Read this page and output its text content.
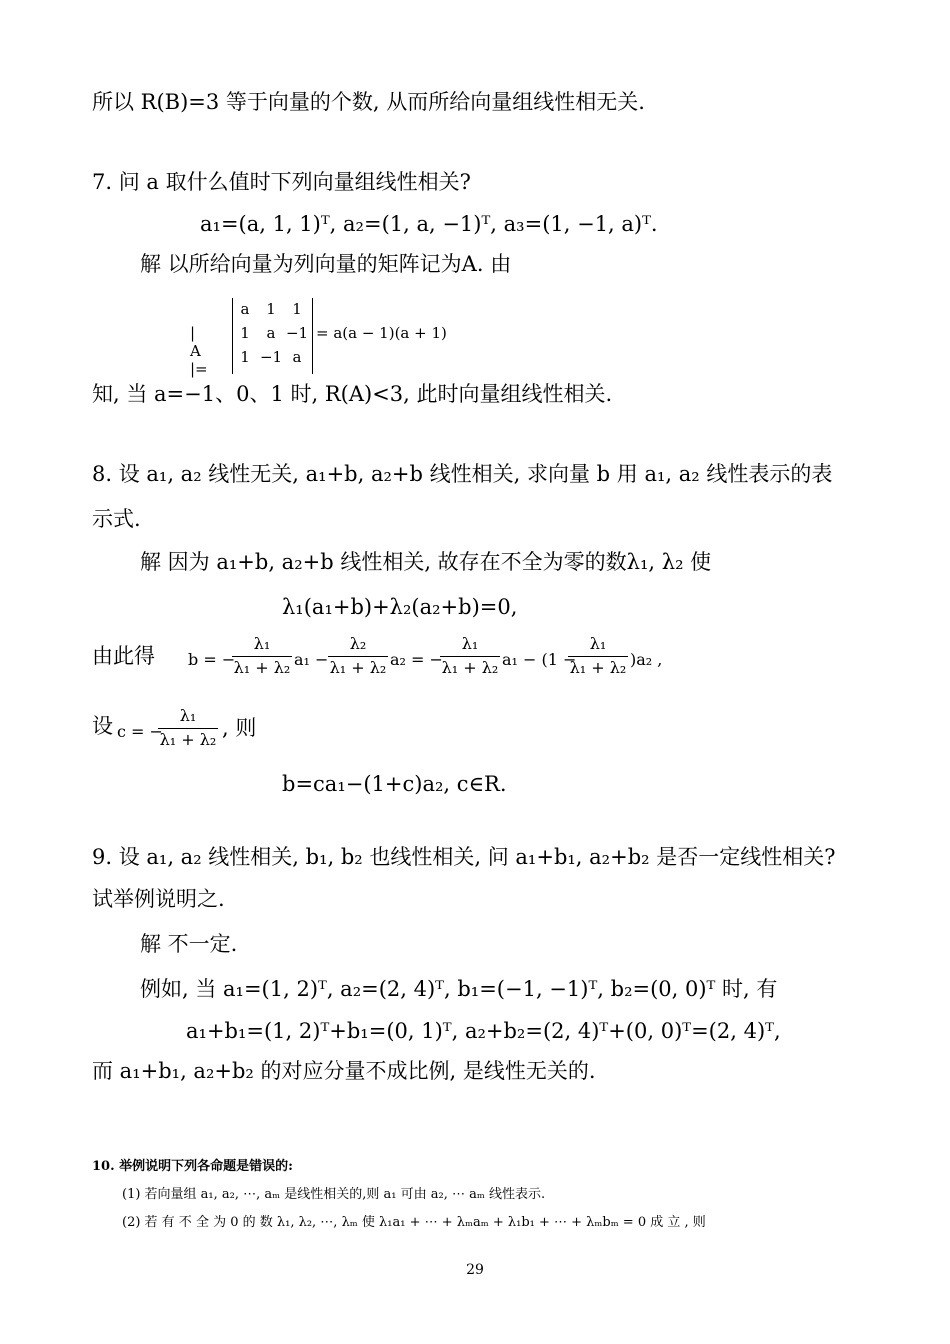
所以 R(B)=3 等于向量的个数, 从而所给向量组线性相无关.
7. 问 a 取什么值时下列向量组线性相关?
a₁=(a, 1, 1)ᵀ, a₂=(1, a, −1)ᵀ, a₃=(1, −1, a)ᵀ.
解 以所给向量为列向量的矩阵记为A. 由
| A |=
a	1	1
1	a −1
1 −1 a
= a(a − 1)(a + 1)
知, 当 a=−1、0、1 时, R(A)<3, 此时向量组线性相关.
8. 设 a₁, a₂ 线性无关, a₁+b, a₂+b 线性相关, 求向量 b 用 a₁, a₂ 线性表示的表
示式.
解 因为 a₁+b, a₂+b 线性相关, 故存在不全为零的数λ₁, λ₂ 使
λ₁(a₁+b)+λ₂(a₂+b)=0,
由此得 b = −
λ₁
λ₁ + λ₂ a₁ −
λ₂
λ₁ + λ₂ a₂ = −
λ₁
λ₁ + λ₂ a₁ − (1 −
λ₁
λ₁ + λ₂ )a₂ ,
设 c = −
λ₁
λ₁ + λ₂ , 则
b=ca₁−(1+c)a₂, c∈R.
9. 设 a₁, a₂ 线性相关, b₁, b₂ 也线性相关, 问 a₁+b₁, a₂+b₂ 是否一定线性相关?
试举例说明之.
解 不一定.
例如, 当 a₁=(1, 2)ᵀ, a₂=(2, 4)ᵀ, b₁=(−1, −1)ᵀ, b₂=(0, 0)ᵀ 时, 有
a₁+b₁=(1, 2)ᵀ+b₁=(0, 1)ᵀ, a₂+b₂=(2, 4)ᵀ+(0, 0)ᵀ=(2, 4)ᵀ,
而 a₁+b₁, a₂+b₂ 的对应分量不成比例, 是线性无关的.
10. 举例说明下列各命题是错误的:
(1) 若向量组 a₁, a₂, ⋯, aₘ 是线性相关的,则 a₁ 可由 a₂, ⋯ aₘ 线性表示.
(2) 若 有 不 全 为 0 的 数 λ₁, λ₂, ⋯, λₘ 使 λ₁a₁ + ⋯ + λₘaₘ + λ₁b₁ + ⋯ + λₘbₘ = 0 成 立 , 则
29
